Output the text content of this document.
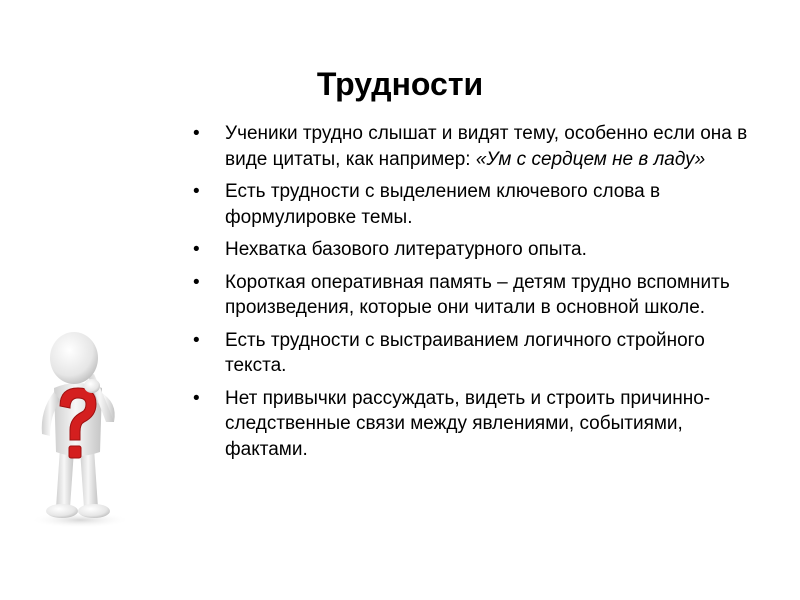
Трудности
• Ученики трудно слышат и видят тему, особенно если она в виде цитаты, как например: «Ум с сердцем не в ладу»
• Есть трудности с выделением ключевого слова в формулировке темы.
• Нехватка базового литературного опыта.
• Короткая оперативная память – детям трудно вспомнить произведения, которые они читали в основной школе.
• Есть трудности с выстраиванием логичного стройного текста.
• Нет привычки рассуждать, видеть и строить причинно-следственные связи между явлениями, событиями, фактами.
